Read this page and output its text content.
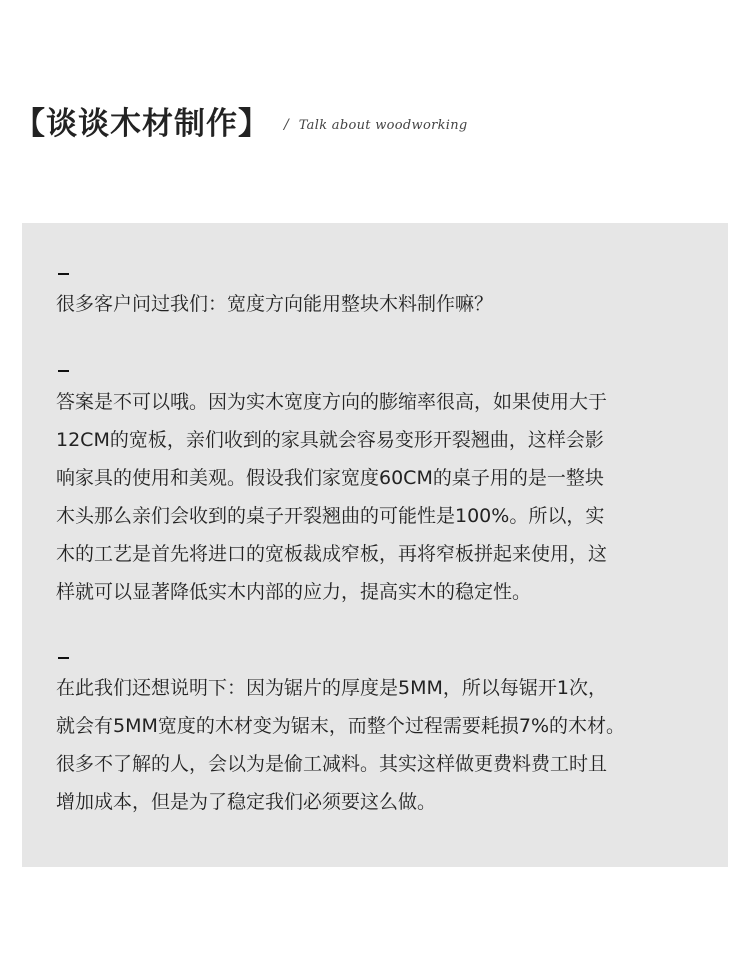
【谈谈木材制作】 / Talk about woodworking
很多客户问过我们：宽度方向能用整块木料制作嘛？
答案是不可以哦。因为实木宽度方向的膨缩率很高，如果使用大于
12CM的宽板，亲们收到的家具就会容易变形开裂翘曲，这样会影
响家具的使用和美观。假设我们家宽度60CM的桌子用的是一整块
木头那么亲们会收到的桌子开裂翘曲的可能性是100%。所以，实
木的工艺是首先将进口的宽板裁成窄板，再将窄板拼起来使用，这
样就可以显著降低实木内部的应力，提高实木的稳定性。
在此我们还想说明下：因为锯片的厚度是5MM，所以每锯开1次，
就会有5MM宽度的木材变为锯末，而整个过程需要耗损7%的木材。
很多不了解的人，会以为是偷工减料。其实这样做更费料费工时且
增加成本，但是为了稳定我们必须要这么做。
